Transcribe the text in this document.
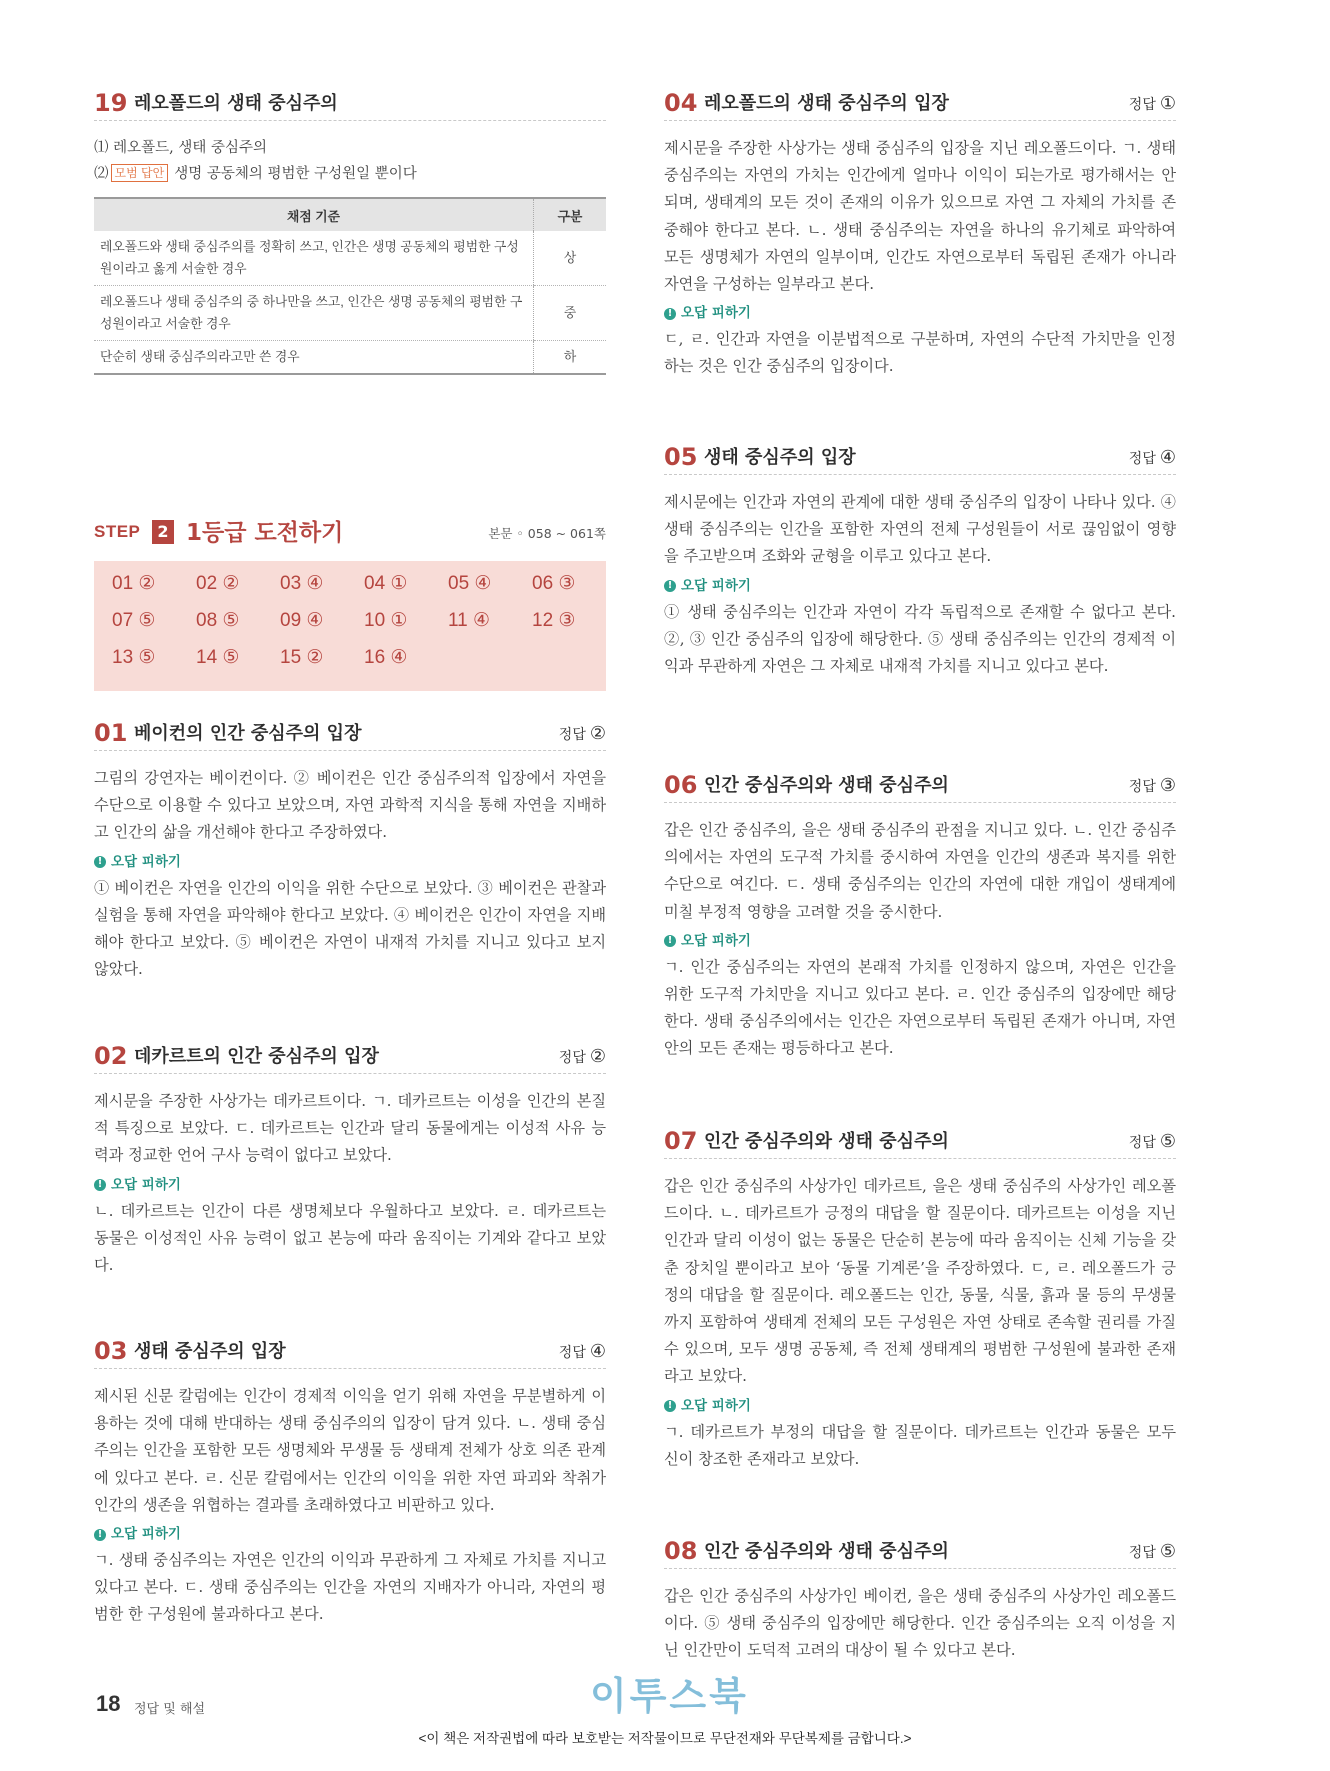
19 레오폴드의 생태 중심주의
⑴ 레오폴드, 생태 중심주의
⑵ 모범 답안 생명 공동체의 평범한 구성원일 뿐이다
채점 기준	구분
레오폴드와 생태 중심주의를 정확히 쓰고, 인간은 생명 공동체의 평범한 구성원이라고 옳게 서술한 경우	상
레오폴드나 생태 중심주의 중 하나만을 쓰고, 인간은 생명 공동체의 평범한 구성원이라고 서술한 경우	중
단순히 생태 중심주의라고만 쓴 경우	하
STEP	2 1등급 도전하기	본문 ◦ 058 ~ 061쪽
01 ② 02 ② 03 ④ 04 ① 05 ④ 06 ③
07 ⑤ 08 ⑤ 09 ④ 10 ① 11 ④ 12 ③
13 ⑤ 14 ⑤ 15 ② 16 ④
01 베이컨의 인간 중심주의 입장	정답 ②

그림의 강연자는 베이컨이다. ② 베이컨은 인간 중심주의적 입장에서 자연을 수단으로 이용할 수 있다고 보았으며, 자연 과학적 지식을 통해 자연을 지배하고 인간의 삶을 개선해야 한다고 주장하였다.

! 오답 피하기

① 베이컨은 자연을 인간의 이익을 위한 수단으로 보았다. ③ 베이컨은 관찰과 실험을 통해 자연을 파악해야 한다고 보았다. ④ 베이컨은 인간이 자연을 지배해야 한다고 보았다. ⑤ 베이컨은 자연이 내재적 가치를 지니고 있다고 보지 않았다.

02 데카르트의 인간 중심주의 입장	정답 ②

제시문을 주장한 사상가는 데카르트이다. ㄱ. 데카르트는 이성을 인간의 본질적 특징으로 보았다. ㄷ. 데카르트는 인간과 달리 동물에게는 이성적 사유 능력과 정교한 언어 구사 능력이 없다고 보았다.

! 오답 피하기

ㄴ. 데카르트는 인간이 다른 생명체보다 우월하다고 보았다. ㄹ. 데카르트는 동물은 이성적인 사유 능력이 없고 본능에 따라 움직이는 기계와 같다고 보았다.

03 생태 중심주의 입장	정답 ④

제시된 신문 칼럼에는 인간이 경제적 이익을 얻기 위해 자연을 무분별하게 이용하는 것에 대해 반대하는 생태 중심주의의 입장이 담겨 있다. ㄴ. 생태 중심주의는 인간을 포함한 모든 생명체와 무생물 등 생태계 전체가 상호 의존 관계에 있다고 본다. ㄹ. 신문 칼럼에서는 인간의 이익을 위한 자연 파괴와 착취가 인간의 생존을 위협하는 결과를 초래하였다고 비판하고 있다.

! 오답 피하기

ㄱ. 생태 중심주의는 자연은 인간의 이익과 무관하게 그 자체로 가치를 지니고 있다고 본다. ㄷ. 생태 중심주의는 인간을 자연의 지배자가 아니라, 자연의 평범한 한 구성원에 불과하다고 본다.

04 레오폴드의 생태 중심주의 입장	정답 ①

제시문을 주장한 사상가는 생태 중심주의 입장을 지닌 레오폴드이다. ㄱ. 생태 중심주의는 자연의 가치는 인간에게 얼마나 이익이 되는가로 평가해서는 안 되며, 생태계의 모든 것이 존재의 이유가 있으므로 자연 그 자체의 가치를 존중해야 한다고 본다. ㄴ. 생태 중심주의는 자연을 하나의 유기체로 파악하여 모든 생명체가 자연의 일부이며, 인간도 자연으로부터 독립된 존재가 아니라 자연을 구성하는 일부라고 본다.

! 오답 피하기

ㄷ, ㄹ. 인간과 자연을 이분법적으로 구분하며, 자연의 수단적 가치만을 인정하는 것은 인간 중심주의 입장이다.

05 생태 중심주의 입장	정답 ④

제시문에는 인간과 자연의 관계에 대한 생태 중심주의 입장이 나타나 있다. ④ 생태 중심주의는 인간을 포함한 자연의 전체 구성원들이 서로 끊임없이 영향을 주고받으며 조화와 균형을 이루고 있다고 본다.

! 오답 피하기

① 생태 중심주의는 인간과 자연이 각각 독립적으로 존재할 수 없다고 본다. ②, ③ 인간 중심주의 입장에 해당한다. ⑤ 생태 중심주의는 인간의 경제적 이익과 무관하게 자연은 그 자체로 내재적 가치를 지니고 있다고 본다.

06 인간 중심주의와 생태 중심주의	정답 ③

갑은 인간 중심주의, 을은 생태 중심주의 관점을 지니고 있다. ㄴ. 인간 중심주의에서는 자연의 도구적 가치를 중시하여 자연을 인간의 생존과 복지를 위한 수단으로 여긴다. ㄷ. 생태 중심주의는 인간의 자연에 대한 개입이 생태계에 미칠 부정적 영향을 고려할 것을 중시한다.

! 오답 피하기

ㄱ. 인간 중심주의는 자연의 본래적 가치를 인정하지 않으며, 자연은 인간을 위한 도구적 가치만을 지니고 있다고 본다. ㄹ. 인간 중심주의 입장에만 해당한다. 생태 중심주의에서는 인간은 자연으로부터 독립된 존재가 아니며, 자연 안의 모든 존재는 평등하다고 본다.

07 인간 중심주의와 생태 중심주의	정답 ⑤

갑은 인간 중심주의 사상가인 데카르트, 을은 생태 중심주의 사상가인 레오폴드이다. ㄴ. 데카르트가 긍정의 대답을 할 질문이다. 데카르트는 이성을 지닌 인간과 달리 이성이 없는 동물은 단순히 본능에 따라 움직이는 신체 기능을 갖춘 장치일 뿐이라고 보아 ‘동물 기계론’을 주장하였다. ㄷ, ㄹ. 레오폴드가 긍정의 대답을 할 질문이다. 레오폴드는 인간, 동물, 식물, 흙과 물 등의 무생물까지 포함하여 생태계 전체의 모든 구성원은 자연 상태로 존속할 권리를 가질 수 있으며, 모두 생명 공동체, 즉 전체 생태계의 평범한 구성원에 불과한 존재라고 보았다.

! 오답 피하기

ㄱ. 데카르트가 부정의 대답을 할 질문이다. 데카르트는 인간과 동물은 모두 신이 창조한 존재라고 보았다.

08 인간 중심주의와 생태 중심주의	정답 ⑤

갑은 인간 중심주의 사상가인 베이컨, 을은 생태 중심주의 사상가인 레오폴드이다. ⑤ 생태 중심주의 입장에만 해당한다. 인간 중심주의는 오직 이성을 지닌 인간만이 도덕적 고려의 대상이 될 수 있다고 본다.

이투스북
18 정답 및 해설
<이 책은 저작권법에 따라 보호받는 저작물이므로 무단전재와 무단복제를 금합니다.>
